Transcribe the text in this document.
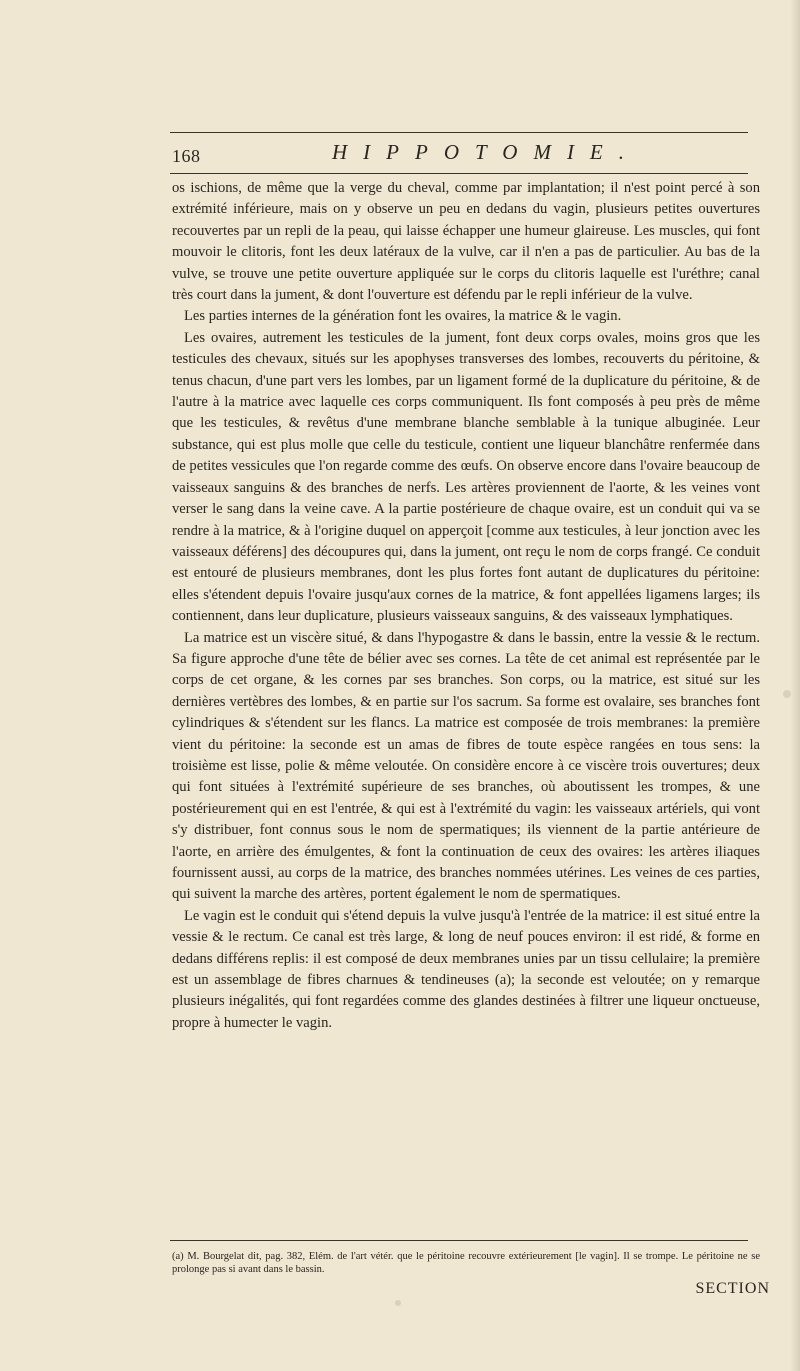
168	HIPPOTOMIE.

os ischions, de même que la verge du cheval, comme par implantation; il n'est point percé à son extrémité inférieure, mais on y observe un peu en dedans du vagin, plusieurs petites ouvertures recouvertes par un repli de la peau, qui laisse échapper une humeur glaireuse. Les muscles, qui font mouvoir le clitoris, font les deux latéraux de la vulve, car il n'en a pas de particulier. Au bas de la vulve, se trouve une petite ouverture appliquée sur le corps du clitoris laquelle est l'uréthre; canal très court dans la jument, & dont l'ouverture est défendu par le repli inférieur de la vulve.

Les parties internes de la génération font les ovaires, la matrice & le vagin.

Les ovaires, autrement les testicules de la jument, font deux corps ovales, moins gros que les testicules des chevaux, situés sur les apophyses transverses des lombes, recouverts du péritoine, & tenus chacun, d'une part vers les lombes, par un ligament formé de la duplicature du péritoine, & de l'autre à la matrice avec laquelle ces corps communiquent. Ils font composés à peu près de même que les testicules, & revêtus d'une membrane blanche semblable à la tunique albuginée. Leur substance, qui est plus molle que celle du testicule, contient une liqueur blanchâtre renfermée dans de petites vessicules que l'on regarde comme des œufs. On observe encore dans l'ovaire beaucoup de vaisseaux sanguins & des branches de nerfs. Les artères proviennent de l'aorte, & les veines vont verser le sang dans la veine cave. A la partie postérieure de chaque ovaire, est un conduit qui va se rendre à la matrice, & à l'origine duquel on apperçoit [comme aux testicules, à leur jonction avec les vaisseaux déférens] des découpures qui, dans la jument, ont reçu le nom de corps frangé. Ce conduit est entouré de plusieurs membranes, dont les plus fortes font autant de duplicatures du péritoine: elles s'étendent depuis l'ovaire jusqu'aux cornes de la matrice, & font appellées ligamens larges; ils contiennent, dans leur duplicature, plusieurs vaisseaux sanguins, & des vaisseaux lymphatiques.

La matrice est un viscère situé, & dans l'hypogastre & dans le bassin, entre la vessie & le rectum. Sa figure approche d'une tête de bélier avec ses cornes. La tête de cet animal est représentée par le corps de cet organe, & les cornes par ses branches. Son corps, ou la matrice, est situé sur les dernières vertèbres des lombes, & en partie sur l'os sacrum. Sa forme est ovalaire, ses branches font cylindriques & s'étendent sur les flancs. La matrice est composée de trois membranes: la première vient du péritoine: la seconde est un amas de fibres de toute espèce rangées en tous sens: la troisième est lisse, polie & même veloutée. On considère encore à ce viscère trois ouvertures; deux qui font situées à l'extrémité supérieure de ses branches, où aboutissent les trompes, & une postérieurement qui en est l'entrée, & qui est à l'extrémité du vagin: les vaisseaux artériels, qui vont s'y distribuer, font connus sous le nom de spermatiques; ils viennent de la partie antérieure de l'aorte, en arrière des émulgentes, & font la continuation de ceux des ovaires: les artères iliaques fournissent aussi, au corps de la matrice, des branches nommées utérines. Les veines de ces parties, qui suivent la marche des artères, portent également le nom de spermatiques.

Le vagin est le conduit qui s'étend depuis la vulve jusqu'à l'entrée de la matrice: il est situé entre la vessie & le rectum. Ce canal est très large, & long de neuf pouces environ: il est ridé, & forme en dedans différens replis: il est composé de deux membranes unies par un tissu cellulaire; la première est un assemblage de fibres charnues & tendineuses (a); la seconde est veloutée; on y remarque plusieurs inégalités, qui font regardées comme des glandes destinées à filtrer une liqueur onctueuse, propre à humecter le vagin.

(a) M. Bourgelat dit, pag. 382, Elém. de l'art vétér. que le péritoine recouvre extérieurement [le vagin]. Il se trompe. Le péritoine ne se prolonge pas si avant dans le bassin.
SECTION
